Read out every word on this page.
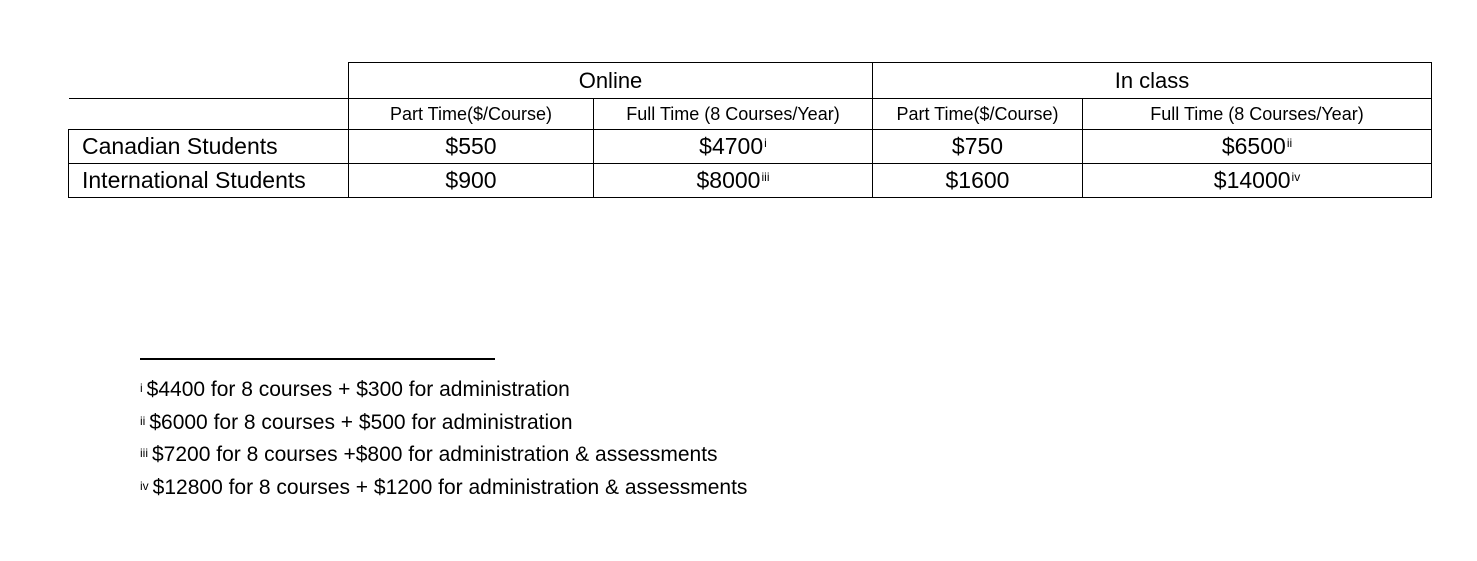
	Online		In class	
	Part Time($/Course)	Full Time (8 Courses/Year)	Part Time($/Course)	Full Time (8 Courses/Year)
Canadian Students	$550	$4700$^i$	$750	$6500$^{ii}$
International Students	$900	$8000$^{iii}$	$1600	$14000$^{iv}$
$^i$ $4400 for 8 courses + $300 for administration
$^{ii}$ $6000 for 8 courses + $500 for administration
$^{iii}$ $7200 for 8 courses +$800 for administration & assessments
$^{iv}$ $12800 for 8 courses + $1200 for administration & assessments
